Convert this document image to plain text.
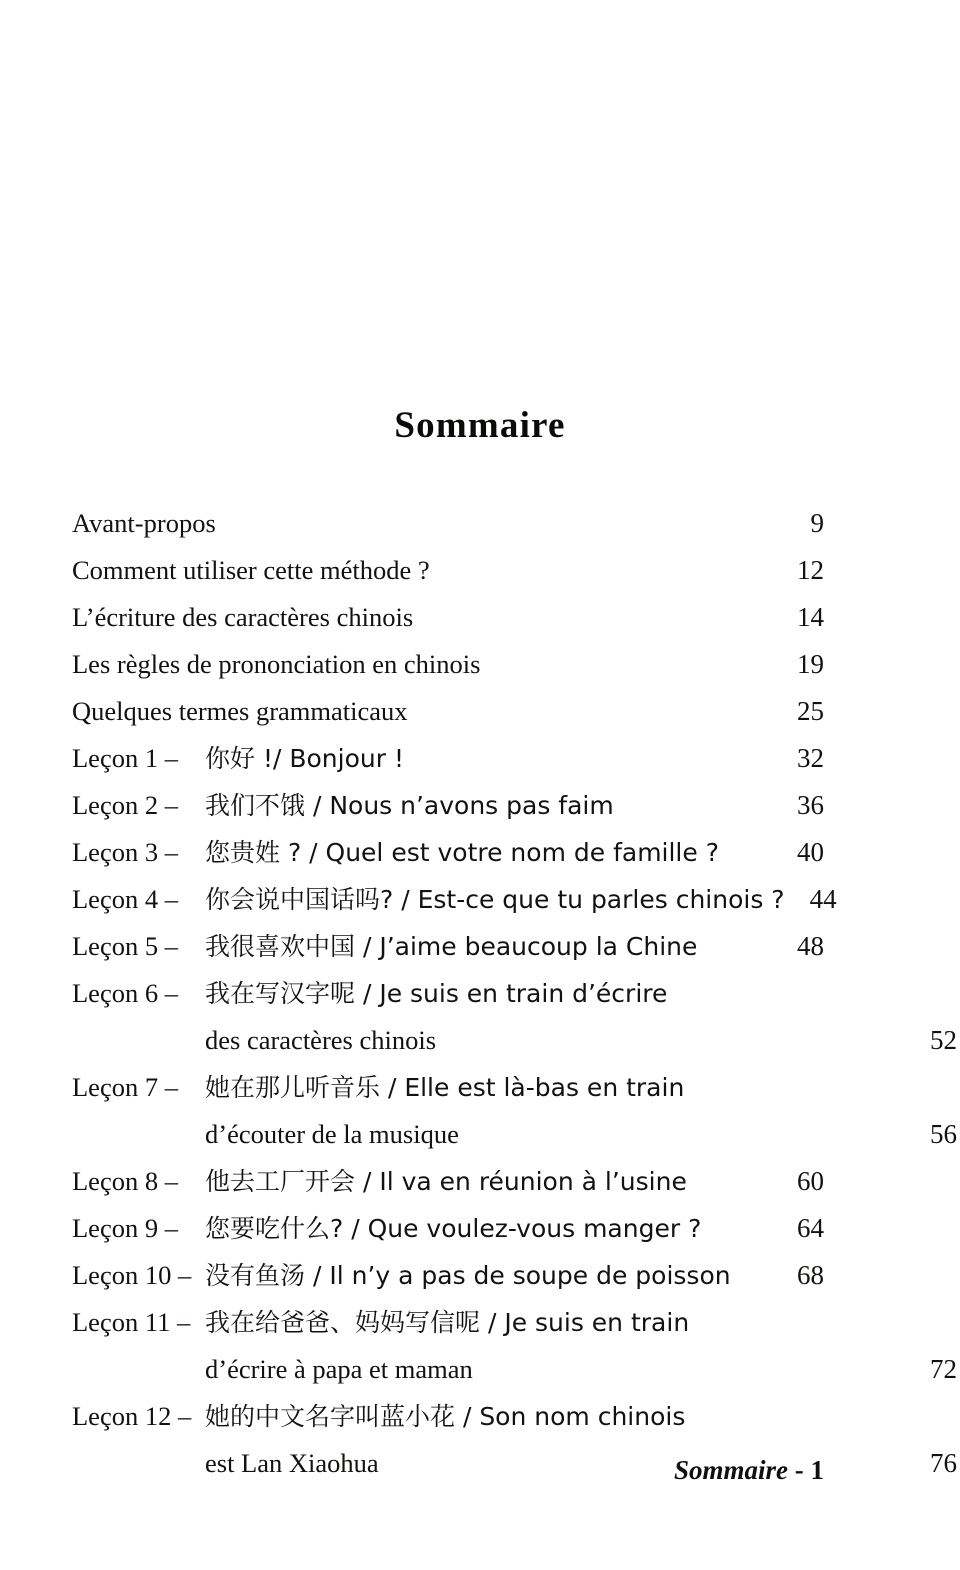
Sommaire
Avant-propos .....	9
Comment utiliser cette méthode ? .....	12
L’écriture des caractères chinois .....	14
Les règles de prononciation en chinois .....	19
Quelques termes grammaticaux .....	25
Leçon 1 –	你好 !/ Bonjour ! .....	32
Leçon 2 –	我们不饿 / Nous n’avons pas faim .....	36
Leçon 3 –	您贵姓 ? / Quel est votre nom de famille ? .....	40
Leçon 4 –	你会说中国话吗? / Est-ce que tu parles chinois ? 44
Leçon 5 –	我很喜欢中国 / J’aime beaucoup la Chine .....	48
Leçon 6 –	我在写汉字呢 / Je suis en train d’écrire
des caractères chinois .....	52
Leçon 7 –	她在那儿听音乐 / Elle est là-bas en train
d’écouter de la musique .....	56
Leçon 8 –	他去工厂开会 / Il va en réunion à l’usine .....	60
Leçon 9 –	您要吃什么? / Que voulez-vous manger ? .....	64
Leçon 10 – 没有鱼汤 / Il n’y a pas de soupe de poisson .....	68
Leçon 11 – 我在给爸爸、妈妈写信呢 / Je suis en train
d’écrire à papa et maman .....	72
Leçon 12 – 她的中文名字叫蓝小花 / Son nom chinois
est Lan Xiaohua .....	76
Sommaire - 1
